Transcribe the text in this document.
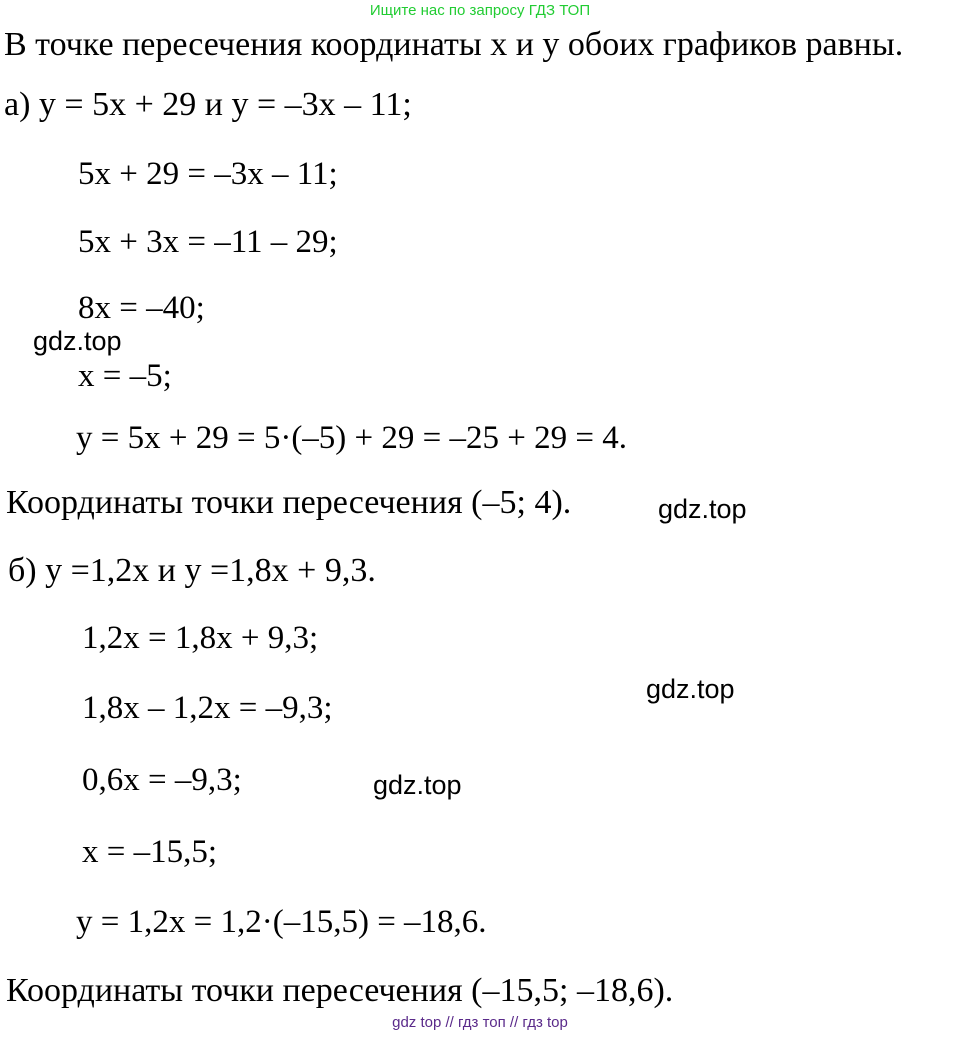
Ищите нас по запросу ГДЗ ТОП
В точке пересечения координаты x и y обоих графиков равны.
а) y = 5x + 29 и y = –3x – 11;
5x + 29 = –3x – 11;
5x + 3x = –11 – 29;
8x = –40;
gdz.top
x = –5;
y = 5x + 29 = 5·(–5) + 29 = –25 + 29 = 4.
Координаты точки пересечения (–5; 4).	gdz.top
б) y =1,2x и y =1,8x + 9,3.
1,2x = 1,8x + 9,3;
gdz.top
1,8x – 1,2x = –9,3;
0,6x = –9,3;	gdz.top
x = –15,5;
y = 1,2x = 1,2·(–15,5) = –18,6.
Координаты точки пересечения (–15,5; –18,6).
gdz top // гдз топ // гдз top
